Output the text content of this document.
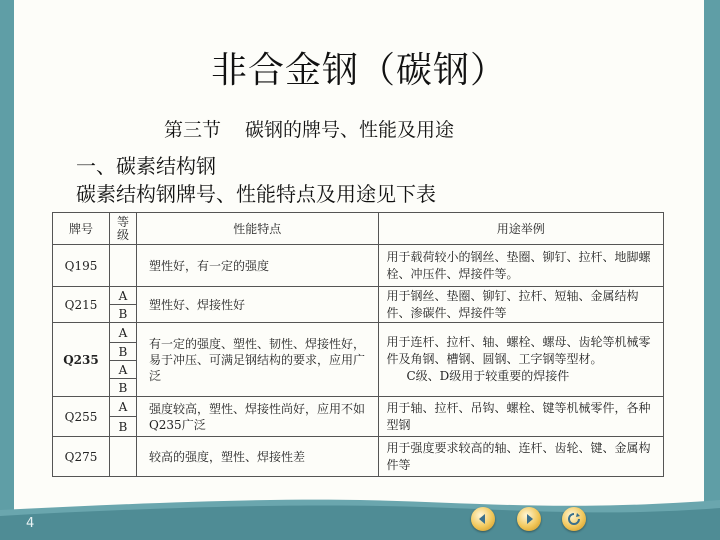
非合金钢（碳钢）
第三节 碳钢的牌号、性能及用途
一、碳素结构钢
碳素结构钢牌号、性能特点及用途见下表
牌号	等级	性能特点	用途举例
Q195		塑性好，有一定的强度	用于载荷较小的钢丝、垫圈、铆钉、拉杆、地脚螺栓、冲压件、焊接件等。
Q215	A	塑性好、焊接性好	用于钢丝、垫圈、铆钉、拉杆、短轴、金属结构件、渗碳件、焊接件等
	B		
Q235	A	有一定的强度、塑性、韧性、焊接性好，易于冲压、可满足钢结构的要求，应用广泛	用于连杆、拉杆、轴、螺栓、螺母、齿轮等机械零件及角钢、槽钢、圆钢、工字钢等型材。
C级、D级用于较重要的焊接件

	B		
	A		
	B		
Q255	A	强度较高，塑性、焊接性尚好，应用不如Q235广泛	用于轴、拉杆、吊钩、螺栓、键等机械零件，各种型钢
	B		
Q275		较高的强度，塑性、焊接性差	用于强度要求较高的轴、连杆、齿轮、键、金属构件等
4
